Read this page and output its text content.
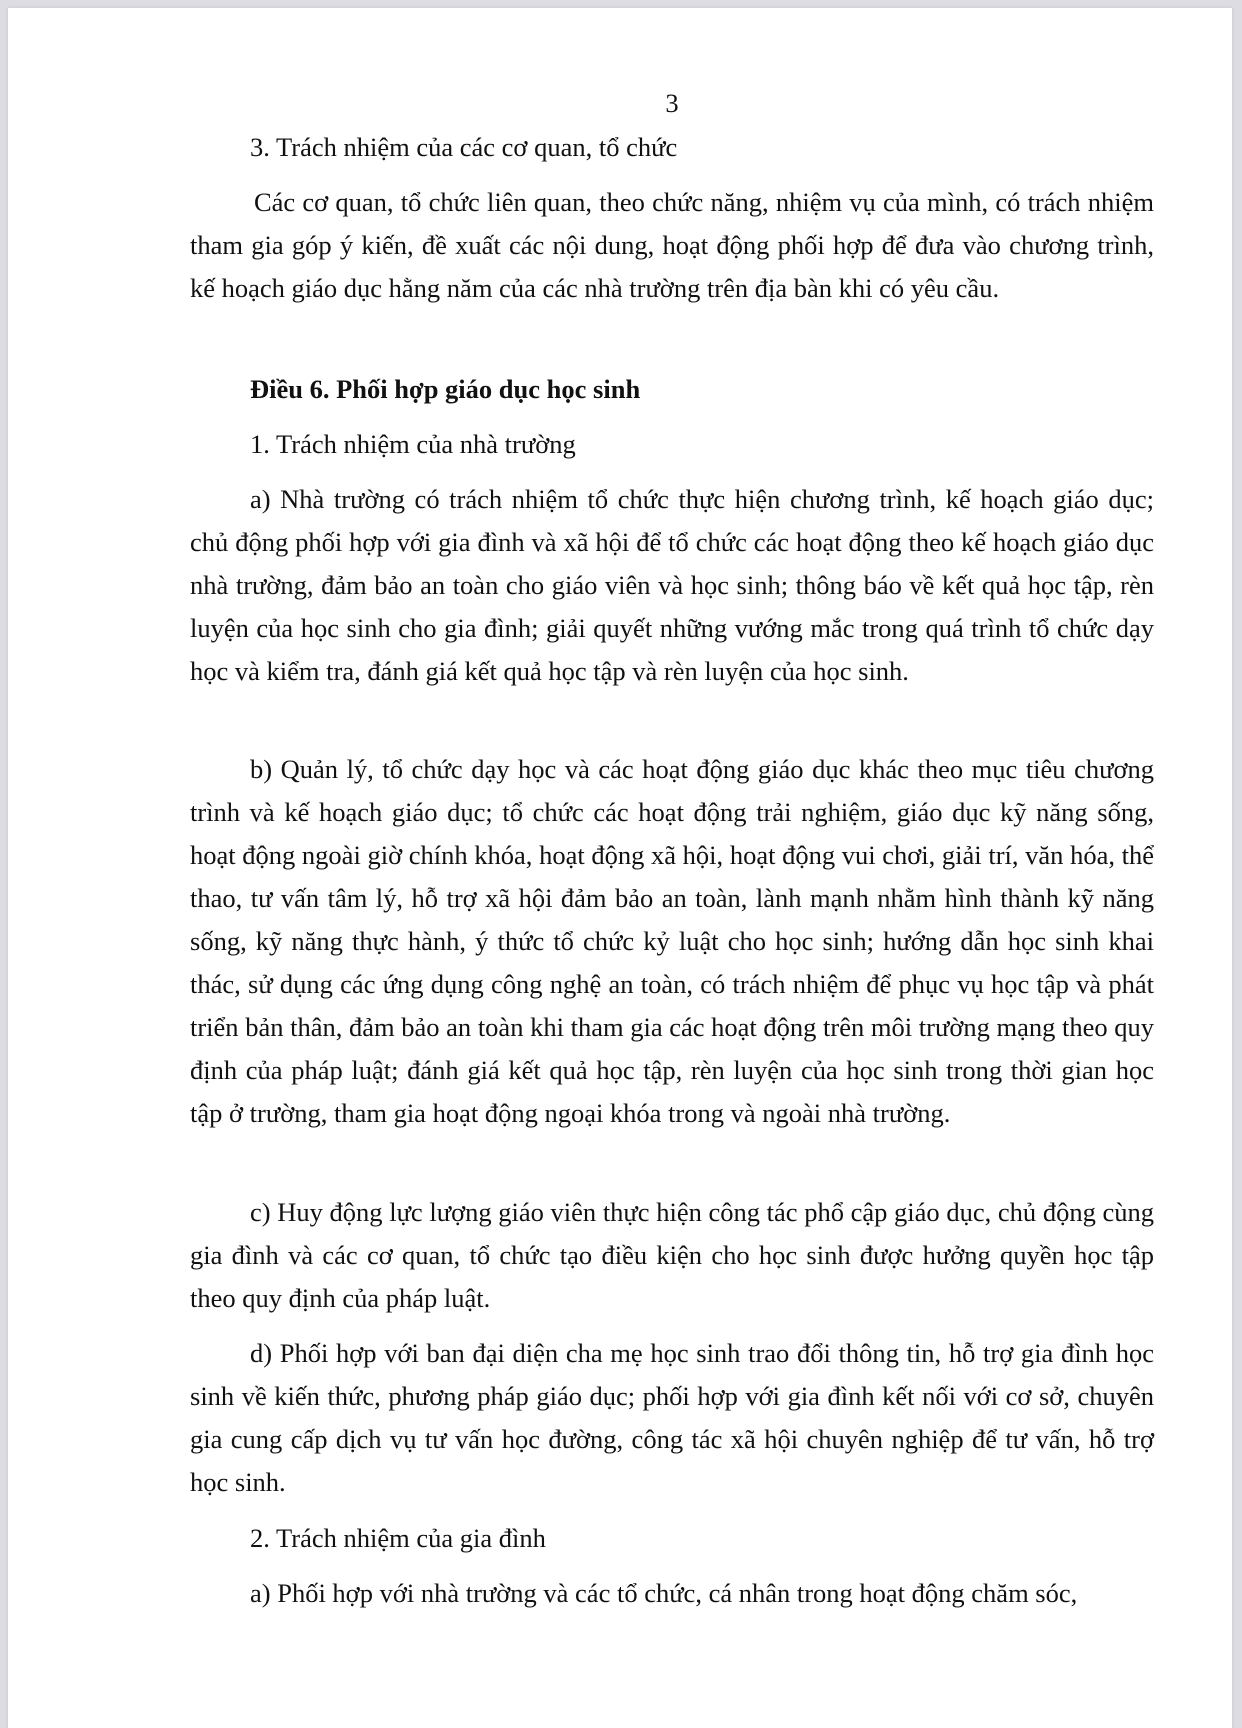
3
3. Trách nhiệm của các cơ quan, tổ chức
Các cơ quan, tổ chức liên quan, theo chức năng, nhiệm vụ của mình, có trách nhiệm tham gia góp ý kiến, đề xuất các nội dung, hoạt động phối hợp để đưa vào chương trình, kế hoạch giáo dục hằng năm của các nhà trường trên địa bàn khi có yêu cầu.
Điều 6. Phối hợp giáo dục học sinh
1. Trách nhiệm của nhà trường
a) Nhà trường có trách nhiệm tổ chức thực hiện chương trình, kế hoạch giáo dục; chủ động phối hợp với gia đình và xã hội để tổ chức các hoạt động theo kế hoạch giáo dục nhà trường, đảm bảo an toàn cho giáo viên và học sinh; thông báo về kết quả học tập, rèn luyện của học sinh cho gia đình; giải quyết những vướng mắc trong quá trình tổ chức dạy học và kiểm tra, đánh giá kết quả học tập và rèn luyện của học sinh.
b) Quản lý, tổ chức dạy học và các hoạt động giáo dục khác theo mục tiêu chương trình và kế hoạch giáo dục; tổ chức các hoạt động trải nghiệm, giáo dục kỹ năng sống, hoạt động ngoài giờ chính khóa, hoạt động xã hội, hoạt động vui chơi, giải trí, văn hóa, thể thao, tư vấn tâm lý, hỗ trợ xã hội đảm bảo an toàn, lành mạnh nhằm hình thành kỹ năng sống, kỹ năng thực hành, ý thức tổ chức kỷ luật cho học sinh; hướng dẫn học sinh khai thác, sử dụng các ứng dụng công nghệ an toàn, có trách nhiệm để phục vụ học tập và phát triển bản thân, đảm bảo an toàn khi tham gia các hoạt động trên môi trường mạng theo quy định của pháp luật; đánh giá kết quả học tập, rèn luyện của học sinh trong thời gian học tập ở trường, tham gia hoạt động ngoại khóa trong và ngoài nhà trường.
c) Huy động lực lượng giáo viên thực hiện công tác phổ cập giáo dục, chủ động cùng gia đình và các cơ quan, tổ chức tạo điều kiện cho học sinh được hưởng quyền học tập theo quy định của pháp luật.
d) Phối hợp với ban đại diện cha mẹ học sinh trao đổi thông tin, hỗ trợ gia đình học sinh về kiến thức, phương pháp giáo dục; phối hợp với gia đình kết nối với cơ sở, chuyên gia cung cấp dịch vụ tư vấn học đường, công tác xã hội chuyên nghiệp để tư vấn, hỗ trợ học sinh.
2. Trách nhiệm của gia đình
a) Phối hợp với nhà trường và các tổ chức, cá nhân trong hoạt động chăm sóc,
